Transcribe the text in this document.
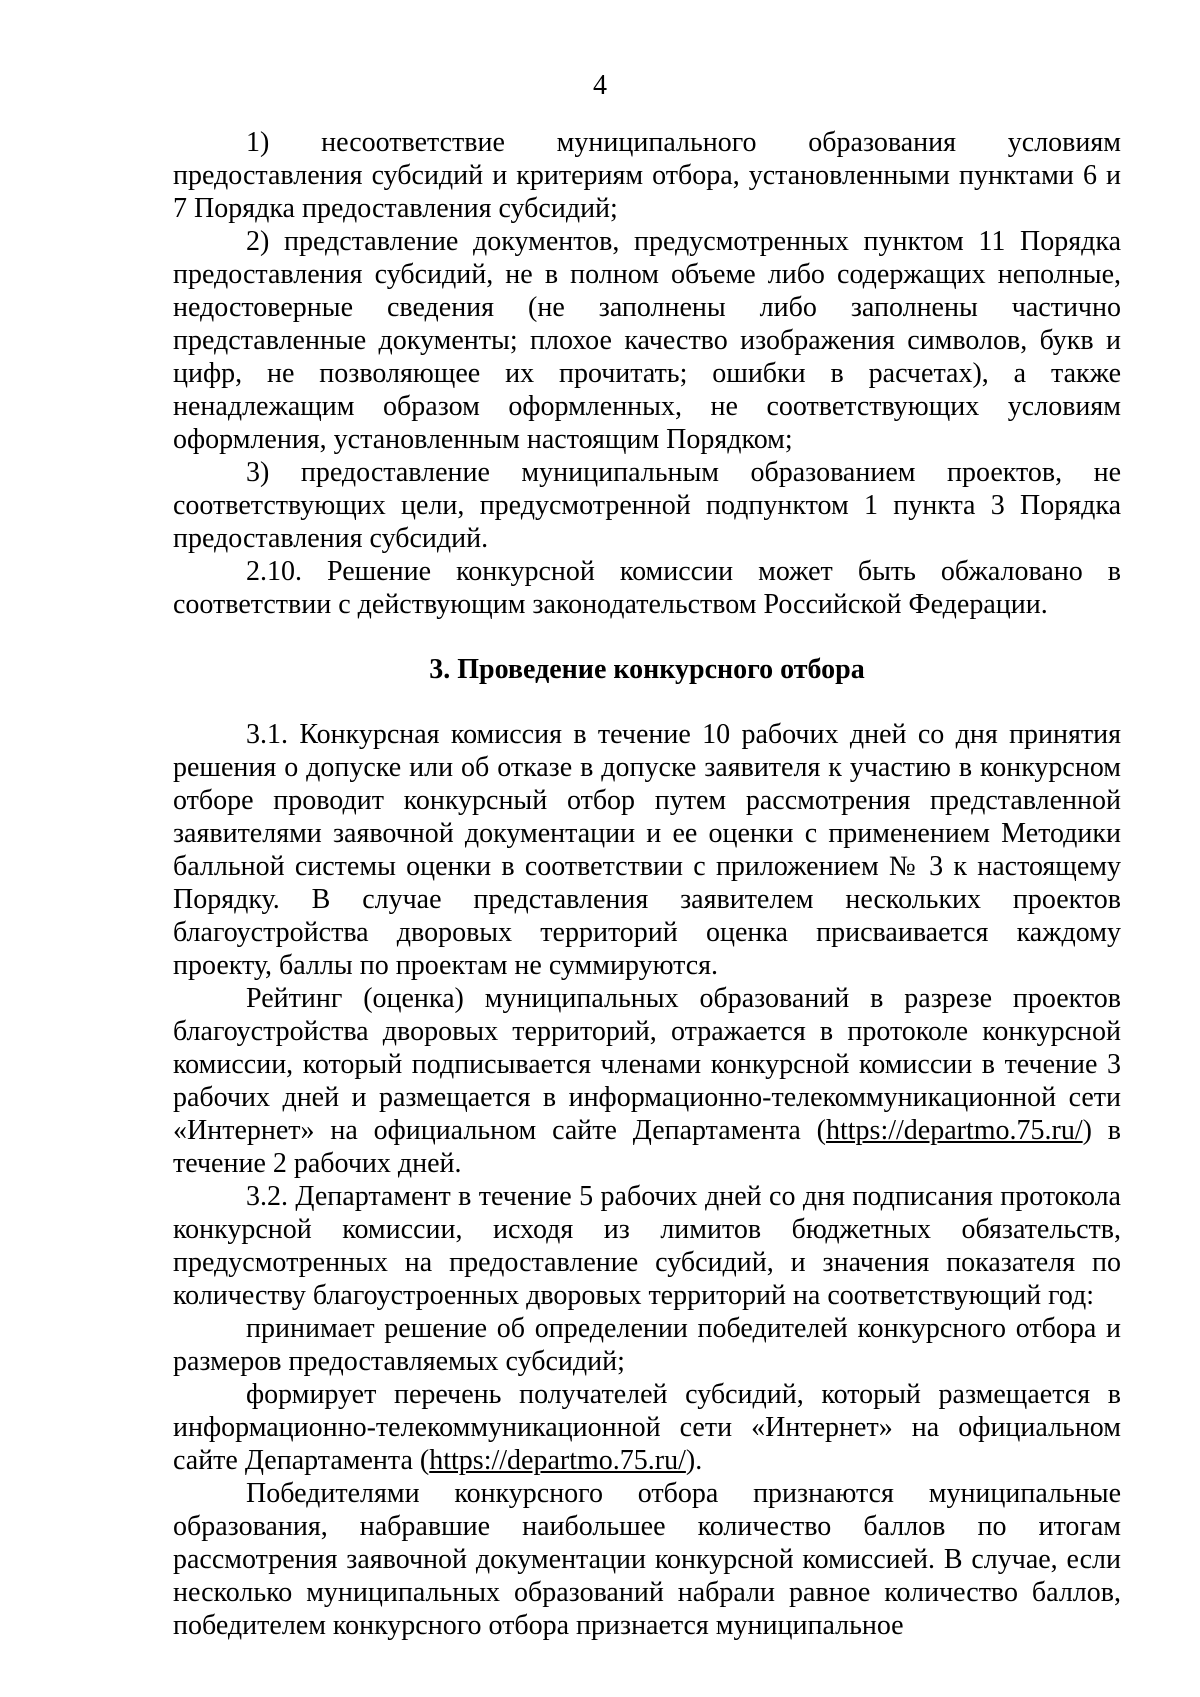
4

1) несоответствие муниципального образования условиям предоставления субсидий и критериям отбора, установленными пунктами 6 и 7 Порядка предоставления субсидий;

2) представление документов, предусмотренных пунктом 11 Порядка предоставления субсидий, не в полном объеме либо содержащих неполные, недостоверные сведения (не заполнены либо заполнены частично представленные документы; плохое качество изображения символов, букв и цифр, не позволяющее их прочитать; ошибки в расчетах), а также ненадлежащим образом оформленных, не соответствующих условиям оформления, установленным настоящим Порядком;

3) предоставление муниципальным образованием проектов, не соответствующих цели, предусмотренной подпунктом 1 пункта 3 Порядка предоставления субсидий.

2.10. Решение конкурсной комиссии может быть обжаловано в соответствии с действующим законодательством Российской Федерации.

3. Проведение конкурсного отбора

3.1. Конкурсная комиссия в течение 10 рабочих дней со дня принятия решения о допуске или об отказе в допуске заявителя к участию в конкурсном отборе проводит конкурсный отбор путем рассмотрения представленной заявителями заявочной документации и ее оценки с применением Методики балльной системы оценки в соответствии с приложением № 3 к настоящему Порядку. В случае представления заявителем нескольких проектов благоустройства дворовых территорий оценка присваивается каждому проекту, баллы по проектам не суммируются.

Рейтинг (оценка) муниципальных образований в разрезе проектов благоустройства дворовых территорий, отражается в протоколе конкурсной комиссии, который подписывается членами конкурсной комиссии в течение 3 рабочих дней и размещается в информационно-телекоммуникационной сети «Интернет» на официальном сайте Департамента (https://departmo.75.ru/) в течение 2 рабочих дней.

3.2. Департамент в течение 5 рабочих дней со дня подписания протокола конкурсной комиссии, исходя из лимитов бюджетных обязательств, предусмотренных на предоставление субсидий, и значения показателя по количеству благоустроенных дворовых территорий на соответствующий год:

принимает решение об определении победителей конкурсного отбора и размеров предоставляемых субсидий;

формирует перечень получателей субсидий, который размещается в информационно-телекоммуникационной сети «Интернет» на официальном сайте Департамента (https://departmo.75.ru/).

Победителями конкурсного отбора признаются муниципальные образования, набравшие наибольшее количество баллов по итогам рассмотрения заявочной документации конкурсной комиссией. В случае, если несколько муниципальных образований набрали равное количество баллов, победителем конкурсного отбора признается муниципальное
